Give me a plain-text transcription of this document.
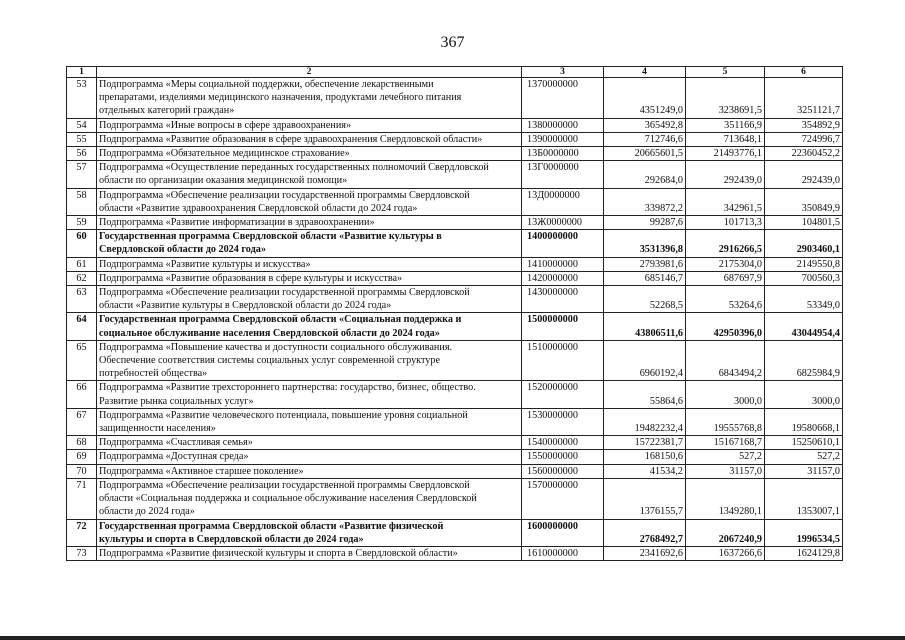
367
1	2	3	4	5	6
53	Подпрограмма «Меры социальной поддержки, обеспечение лекарственными
препаратами, изделиями медицинского назначения, продуктами лечебного питания
отдельных категорий граждан»	1370000000	4351249,0	3238691,5	3251121,7
54	Подпрограмма «Иные вопросы в сфере здравоохранения»	1380000000	365492,8	351166,9	354892,9
55	Подпрограмма «Развитие образования в сфере здравоохранения Свердловской области»	1390000000	712746,6	713648,1	724996,7
56	Подпрограмма «Обязательное медицинское страхование»	13Б0000000	20665601,5	21493776,1	22360452,2
57	Подпрограмма «Осуществление переданных государственных полномочий Свердловской
области по организации оказания медицинской помощи»	13Г0000000	292684,0	292439,0	292439,0
58	Подпрограмма «Обеспечение реализации государственной программы Свердловской
области «Развитие здравоохранения Свердловской области до 2024 года»	13Д0000000	339872,2	342961,5	350849,9
59	Подпрограмма «Развитие информатизации в здравоохранении»	13Ж0000000	99287,6	101713,3	104801,5
60	Государственная программа Свердловской области «Развитие культуры в
Свердловской области до 2024 года»	1400000000	3531396,8	2916266,5	2903460,1
61	Подпрограмма «Развитие культуры и искусства»	1410000000	2793981,6	2175304,0	2149550,8
62	Подпрограмма «Развитие образования в сфере культуры и искусства»	1420000000	685146,7	687697,9	700560,3
63	Подпрограмма «Обеспечение реализации государственной программы Свердловской
области «Развитие культуры в Свердловской области до 2024 года»	1430000000	52268,5	53264,6	53349,0
64	Государственная программа Свердловской области «Социальная поддержка и
социальное обслуживание населения Свердловской области до 2024 года»	1500000000	43806511,6	42950396,0	43044954,4
65	Подпрограмма «Повышение качества и доступности социального обслуживания.
Обеспечение соответствия системы социальных услуг современной структуре
потребностей общества»	1510000000	6960192,4	6843494,2	6825984,9
66	Подпрограмма «Развитие трехстороннего партнерства: государство, бизнес, общество.
Развитие рынка социальных услуг»	1520000000	55864,6	3000,0	3000,0
67	Подпрограмма «Развитие человеческого потенциала, повышение уровня социальной
защищенности населения»	1530000000	19482232,4	19555768,8	19580668,1
68	Подпрограмма «Счастливая семья»	1540000000	15722381,7	15167168,7	15250610,1
69	Подпрограмма «Доступная среда»	1550000000	168150,6	527,2	527,2
70	Подпрограмма «Активное старшее поколение»	1560000000	41534,2	31157,0	31157,0
71	Подпрограмма «Обеспечение реализации государственной программы Свердловской
области «Социальная поддержка и социальное обслуживание населения Свердловской
области до 2024 года»	1570000000	1376155,7	1349280,1	1353007,1
72	Государственная программа Свердловской области «Развитие физической
культуры и спорта в Свердловской области до 2024 года»	1600000000	2768492,7	2067240,9	1996534,5
73	Подпрограмма «Развитие физической культуры и спорта в Свердловской области»	1610000000	2341692,6	1637266,6	1624129,8
